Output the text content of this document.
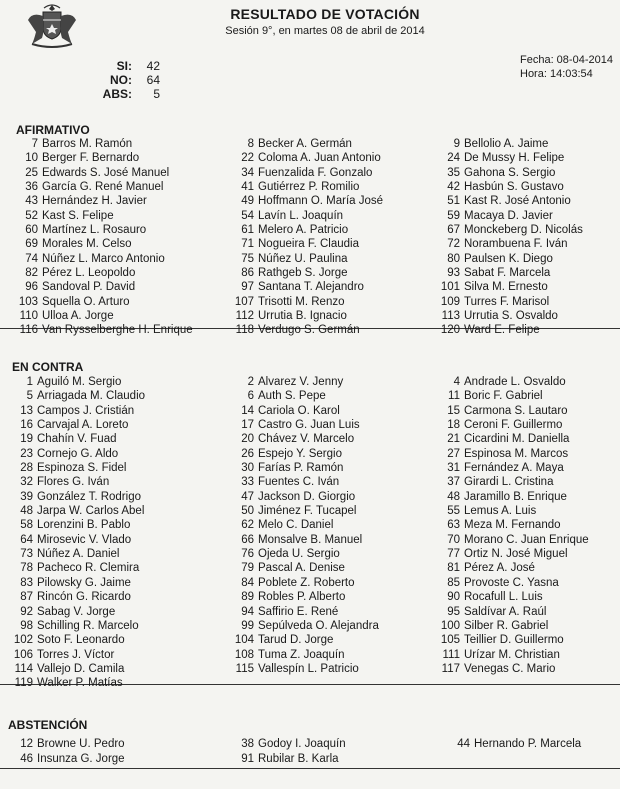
RESULTADO DE VOTACIÓN
Sesión 9°, en martes 08 de abril de 2014
SI: 42
NO: 64
ABS: 5
Fecha: 08-04-2014
Hora: 14:03:54
AFIRMATIVO
EN CONTRA
ABSTENCIÓN
7 Barros M. Ramón
10 Berger F. Bernardo
25 Edwards S. José Manuel
36 García G. René Manuel
43 Hernández H. Javier
52 Kast S. Felipe
60 Martínez L. Rosauro
69 Morales M. Celso
74 Núñez L. Marco Antonio
82 Pérez L. Leopoldo
96 Sandoval P. David
103 Squella O. Arturo
110 Ulloa A. Jorge
116 Van Rysselberghe H. Enrique
8 Becker A. Germán
22 Coloma A. Juan Antonio
34 Fuenzalida F. Gonzalo
41 Gutiérrez P. Romilio
49 Hoffmann O. María José
54 Lavín L. Joaquín
61 Melero A. Patricio
71 Nogueira F. Claudia
75 Núñez U. Paulina
86 Rathgeb S. Jorge
97 Santana T. Alejandro
107 Trisotti M. Renzo
112 Urrutia B. Ignacio
118 Verdugo S. Germán
9 Bellolio A. Jaime
24 De Mussy H. Felipe
35 Gahona S. Sergio
42 Hasbún S. Gustavo
51 Kast R. José Antonio
59 Macaya D. Javier
67 Monckeberg D. Nicolás
72 Norambuena F. Iván
80 Paulsen K. Diego
93 Sabat F. Marcela
101 Silva M. Ernesto
109 Turres F. Marisol
113 Urrutia S. Osvaldo
120 Ward E. Felipe
1 Aguiló M. Sergio
5 Arriagada M. Claudio
13 Campos J. Cristián
16 Carvajal A. Loreto
19 Chahín V. Fuad
23 Cornejo G. Aldo
28 Espinoza S. Fidel
32 Flores G. Iván
39 González T. Rodrigo
48 Jarpa W. Carlos Abel
58 Lorenzini B. Pablo
64 Mirosevic V. Vlado
73 Núñez A. Daniel
78 Pacheco R. Clemira
83 Pilowsky G. Jaime
87 Rincón G. Ricardo
92 Sabag V. Jorge
98 Schilling R. Marcelo
102 Soto F. Leonardo
106 Torres J. Víctor
114 Vallejo D. Camila
119 Walker P. Matías
2 Alvarez V. Jenny
6 Auth S. Pepe
14 Cariola O. Karol
17 Castro G. Juan Luis
20 Chávez V. Marcelo
26 Espejo Y. Sergio
30 Farías P. Ramón
33 Fuentes C. Iván
47 Jackson D. Giorgio
50 Jiménez F. Tucapel
62 Melo C. Daniel
66 Monsalve B. Manuel
76 Ojeda U. Sergio
79 Pascal A. Denise
84 Poblete Z. Roberto
89 Robles P. Alberto
94 Saffirio E. René
99 Sepúlveda O. Alejandra
104 Tarud D. Jorge
108 Tuma Z. Joaquín
115 Vallespín L. Patricio
4 Andrade L. Osvaldo
11 Boric F. Gabriel
15 Carmona S. Lautaro
18 Ceroni F. Guillermo
21 Cicardini M. Daniella
27 Espinosa M. Marcos
31 Fernández A. Maya
37 Girardi L. Cristina
48 Jaramillo B. Enrique
55 Lemus A. Luis
63 Meza M. Fernando
70 Morano C. Juan Enrique
77 Ortiz N. José Miguel
81 Pérez A. José
85 Provoste C. Yasna
90 Rocafull L. Luis
95 Saldívar A. Raúl
100 Silber R. Gabriel
105 Teillier D. Guillermo
111 Urízar M. Christian
117 Venegas C. Mario
12 Browne U. Pedro
46 Insunza G. Jorge
38 Godoy I. Joaquín
91 Rubilar B. Karla
44 Hernando P. Marcela
